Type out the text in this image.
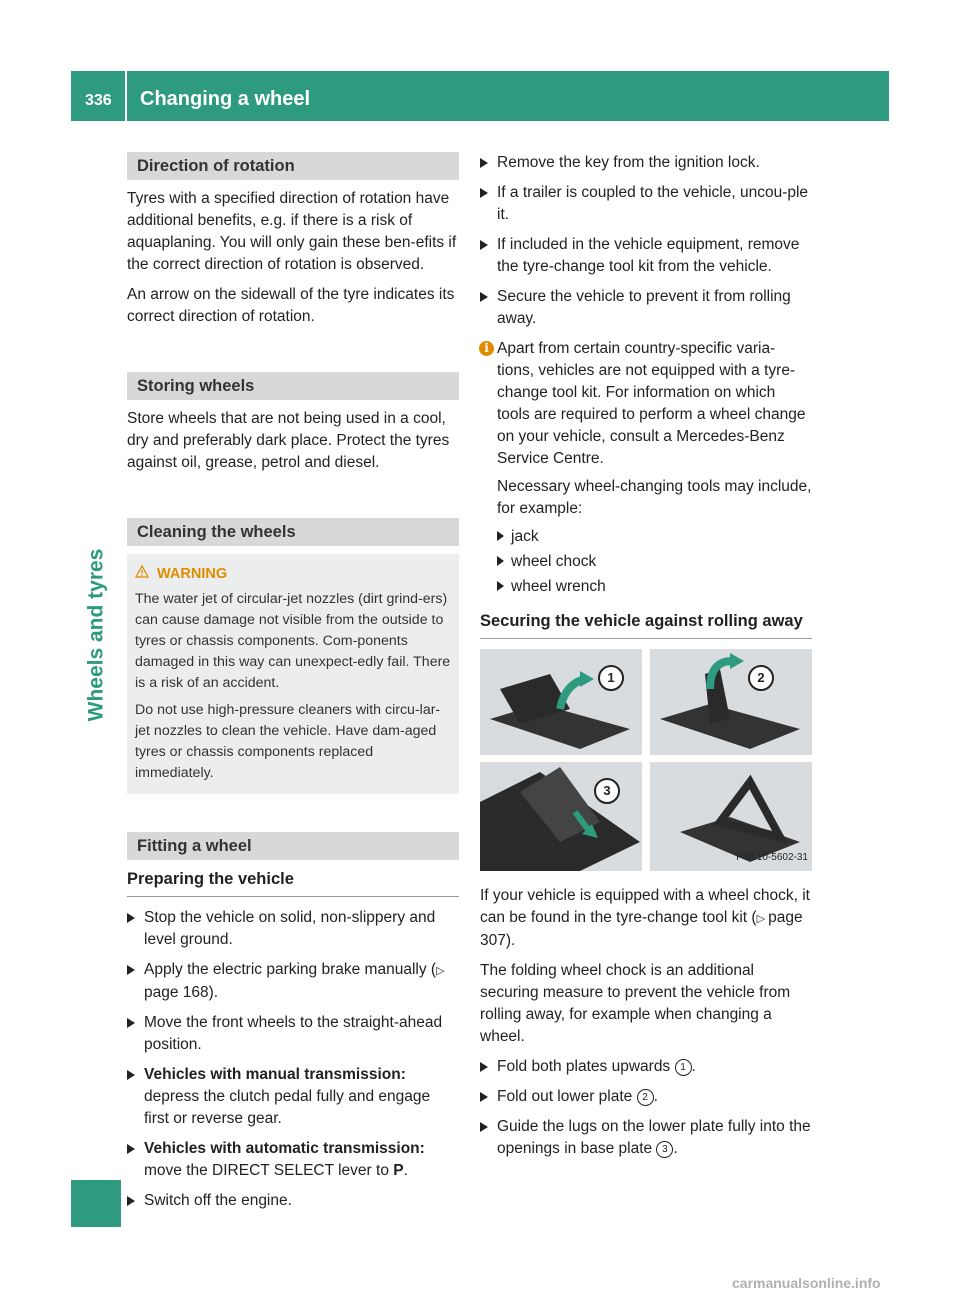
336 Changing a wheel
Wheels and tyres
Direction of rotation

Tyres with a specified direction of rotation have additional benefits, e.g. if there is a risk of aquaplaning. You will only gain these ben-efits if the correct direction of rotation is observed.

An arrow on the sidewall of the tyre indicates its correct direction of rotation.

Storing wheels

Store wheels that are not being used in a cool, dry and preferably dark place. Protect the tyres against oil, grease, petrol and diesel.

Cleaning the wheels
WARNING

The water jet of circular-jet nozzles (dirt grind-ers) can cause damage not visible from the outside to tyres or chassis components. Com-ponents damaged in this way can unexpect-edly fail. There is a risk of an accident.

Do not use high-pressure cleaners with circu-lar-jet nozzles to clean the vehicle. Have dam-aged tyres or chassis components replaced immediately.

Fitting a wheel
Preparing the vehicle
Stop the vehicle on solid, non-slippery and level ground.
Apply the electric parking brake manually (▷ page 168).
Move the front wheels to the straight-ahead position.
Vehicles with manual transmission:
depress the clutch pedal fully and engage first or reverse gear.
Vehicles with automatic transmission:
move the DIRECT SELECT lever to P.
Switch off the engine.
Remove the key from the ignition lock.
If a trailer is coupled to the vehicle, uncou-ple it.
If included in the vehicle equipment, remove the tyre-change tool kit from the vehicle.
Secure the vehicle to prevent it from rolling away.
i Apart from certain country-specific varia-tions, vehicles are not equipped with a tyre-change tool kit. For information on which tools are required to perform a wheel change on your vehicle, consult a Mercedes-Benz Service Centre.

Necessary wheel-changing tools may include, for example:

jack
wheel chock
wheel wrench
Securing the vehicle against rolling away
1	2
3
P40.10-5602-31

If your vehicle is equipped with a wheel chock, it can be found in the tyre-change tool kit (▷ page 307).

The folding wheel chock is an additional securing measure to prevent the vehicle from rolling away, for example when changing a wheel.

Fold both plates upwards 1 .
Fold out lower plate 2 .
Guide the lugs on the lower plate fully into the openings in base plate 3 .
carmanualsonline.info
